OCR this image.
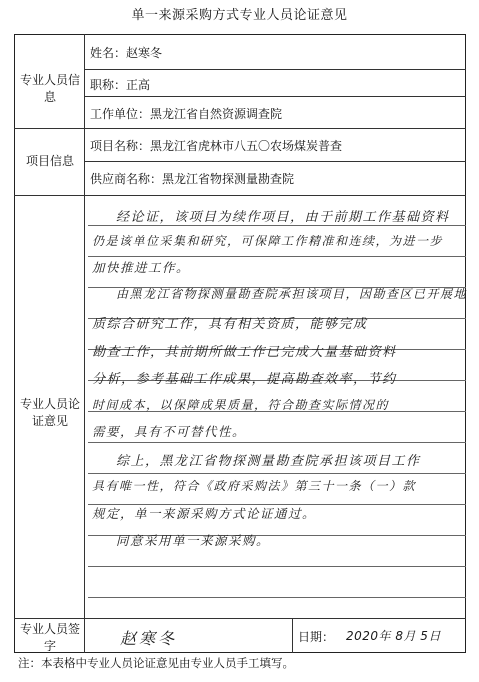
单一来源采购方式专业人员论证意见
专业人员信息
项目信息
专业人员论证意见
专业人员签字
姓名：赵寒冬
职称：正高
工作单位：黑龙江省自然资源调查院
项目名称：黑龙江省虎林市八五〇农场煤炭普查
供应商名称：黑龙江省物探测量勘查院
经论证，该项目为续作项目，由于前期工作基础资料
仍是该单位采集和研究，可保障工作精准和连续，为进一步
加快推进工作。
由黑龙江省物探测量勘查院承担该项目，因勘查区已开展地
质综合研究工作，具有相关资质，能够完成
勘查工作，其前期所做工作已完成大量基础资料
分析，参考基础工作成果，提高勘查效率，节约
时间成本，以保障成果质量，符合勘查实际情况的
需要，具有不可替代性。
综上，黑龙江省物探测量勘查院承担该项目工作
具有唯一性，符合《政府采购法》第三十一条（一）款
规定，单一来源采购方式论证通过。
同意采用单一来源采购。
赵寒冬	日期： 2020年 8月 5日
注：本表格中专业人员论证意见由专业人员手工填写。
